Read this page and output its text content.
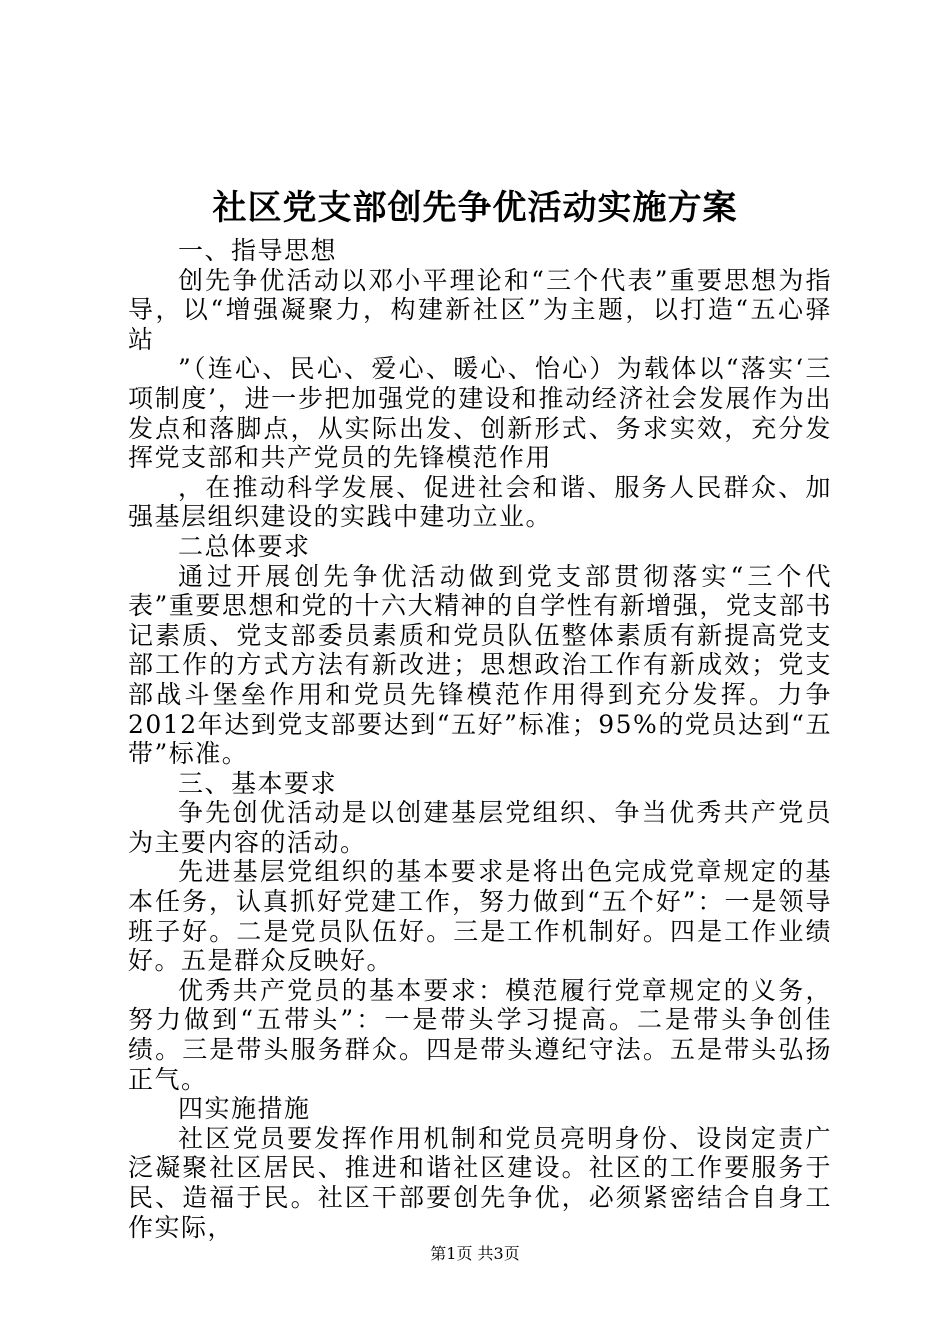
社区党支部创先争优活动实施方案

一、指导思想

创先争优活动以邓小平理论和“三个代表”重要思想为指导，以“增强凝聚力，构建新社区”为主题，以打造“五心驿站

”（连心、民心、爱心、暖心、怡心）为载体以“落实‘三项制度’，进一步把加强党的建设和推动经济社会发展作为出发点和落脚点，从实际出发、创新形式、务求实效，充分发挥党支部和共产党员的先锋模范作用

，在推动科学发展、促进社会和谐、服务人民群众、加强基层组织建设的实践中建功立业。

二总体要求

通过开展创先争优活动做到党支部贯彻落实“三个代表”重要思想和党的十六大精神的自学性有新增强，党支部书记素质、党支部委员素质和党员队伍整体素质有新提高党支部工作的方式方法有新改进；思想政治工作有新成效；党支部战斗堡垒作用和党员先锋模范作用得到充分发挥。力争2012年达到党支部要达到“五好”标准；95%的党员达到“五带”标准。

三、基本要求

争先创优活动是以创建基层党组织、争当优秀共产党员为主要内容的活动。

先进基层党组织的基本要求是将出色完成党章规定的基本任务，认真抓好党建工作，努力做到“五个好”：一是领导班子好。二是党员队伍好。三是工作机制好。四是工作业绩好。五是群众反映好。

优秀共产党员的基本要求：模范履行党章规定的义务，努力做到“五带头”：一是带头学习提高。二是带头争创佳绩。三是带头服务群众。四是带头遵纪守法。五是带头弘扬正气。

四实施措施

社区党员要发挥作用机制和党员亮明身份、设岗定责广泛凝聚社区居民、推进和谐社区建设。社区的工作要服务于民、造福于民。社区干部要创先争优，必须紧密结合自身工作实际，

第1页 共3页
